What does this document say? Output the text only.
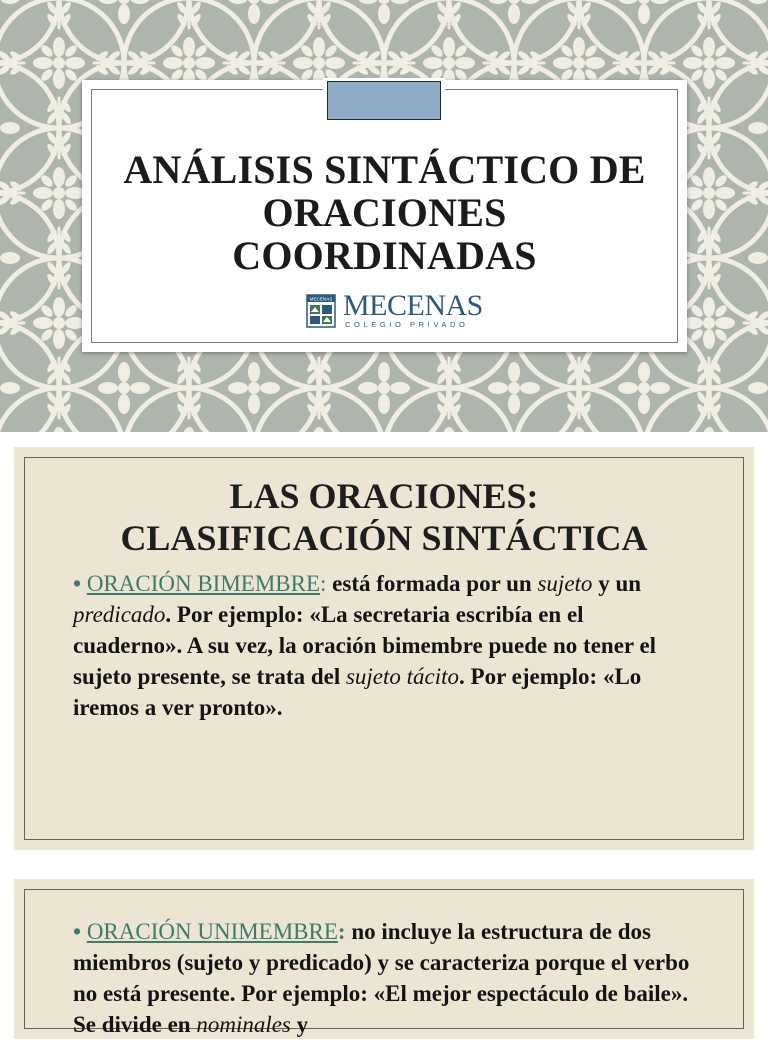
ANÁLISIS SINTÁCTICO DE
ORACIONES
COORDINADAS
MECENAS MECENAS
COLEGIO PRIVADO
LAS ORACIONES:
CLASIFICACIÓN SINTÁCTICA

• ORACIÓN BIMEMBRE: está formada por un sujeto y un predicado. Por ejemplo: «La secretaria escribía en el cuaderno». A su vez, la oración bimembre puede no tener el sujeto presente, se trata del sujeto tácito. Por ejemplo: «Lo iremos a ver pronto».

• ORACIÓN UNIMEMBRE: no incluye la estructura de dos miembros (sujeto y predicado) y se caracteriza porque el verbo no está presente. Por ejemplo: «El mejor espectáculo de baile». Se divide en nominales y
